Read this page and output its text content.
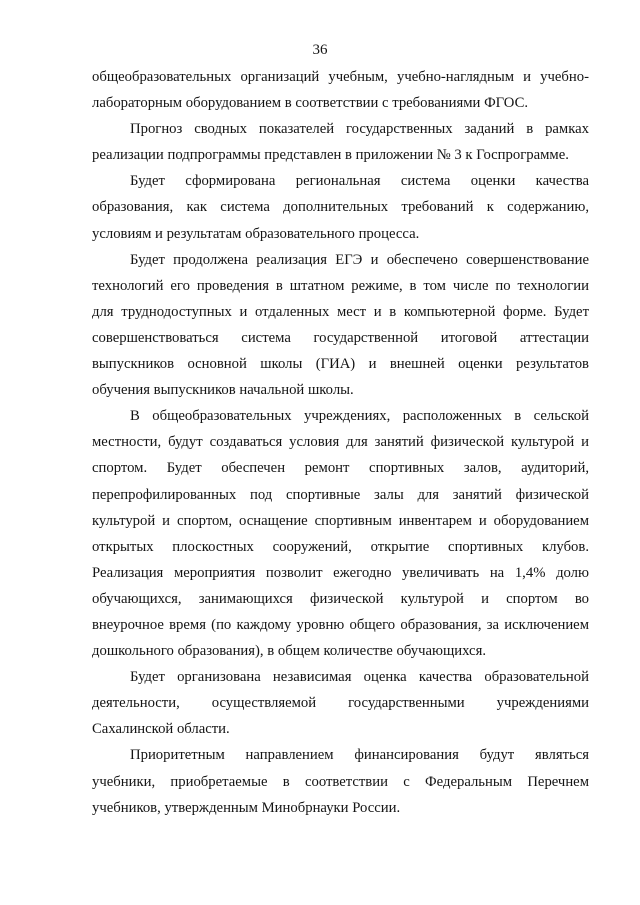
36
общеобразовательных организаций учебным, учебно-наглядным и учебно-
лабораторным оборудованием в соответствии с требованиями ФГОС.
Прогноз сводных показателей государственных заданий в рамках
реализации подпрограммы представлен в приложении № 3 к Госпрограмме.
Будет сформирована региональная система оценки качества
образования, как система дополнительных требований к содержанию,
условиям и результатам образовательного процесса.
Будет продолжена реализация ЕГЭ и обеспечено совершенствование
технологий его проведения в штатном режиме, в том числе по технологии
для труднодоступных и отдаленных мест и в компьютерной форме. Будет
совершенствоваться система государственной итоговой аттестации
выпускников основной школы (ГИА) и внешней оценки результатов
обучения выпускников начальной школы.
В общеобразовательных учреждениях, расположенных в сельской
местности, будут создаваться условия для занятий физической культурой и
спортом. Будет обеспечен ремонт спортивных залов, аудиторий,
перепрофилированных под спортивные залы для занятий физической
культурой и спортом, оснащение спортивным инвентарем и оборудованием
открытых плоскостных сооружений, открытие спортивных клубов.
Реализация мероприятия позволит ежегодно увеличивать на 1,4% долю
обучающихся, занимающихся физической культурой и спортом во
внеурочное время (по каждому уровню общего образования, за исключением
дошкольного образования), в общем количестве обучающихся.
Будет организована независимая оценка качества образовательной
деятельности, осуществляемой государственными учреждениями
Сахалинской области.
Приоритетным направлением финансирования будут являться
учебники, приобретаемые в соответствии с Федеральным Перечнем
учебников, утвержденным Минобрнауки России.
